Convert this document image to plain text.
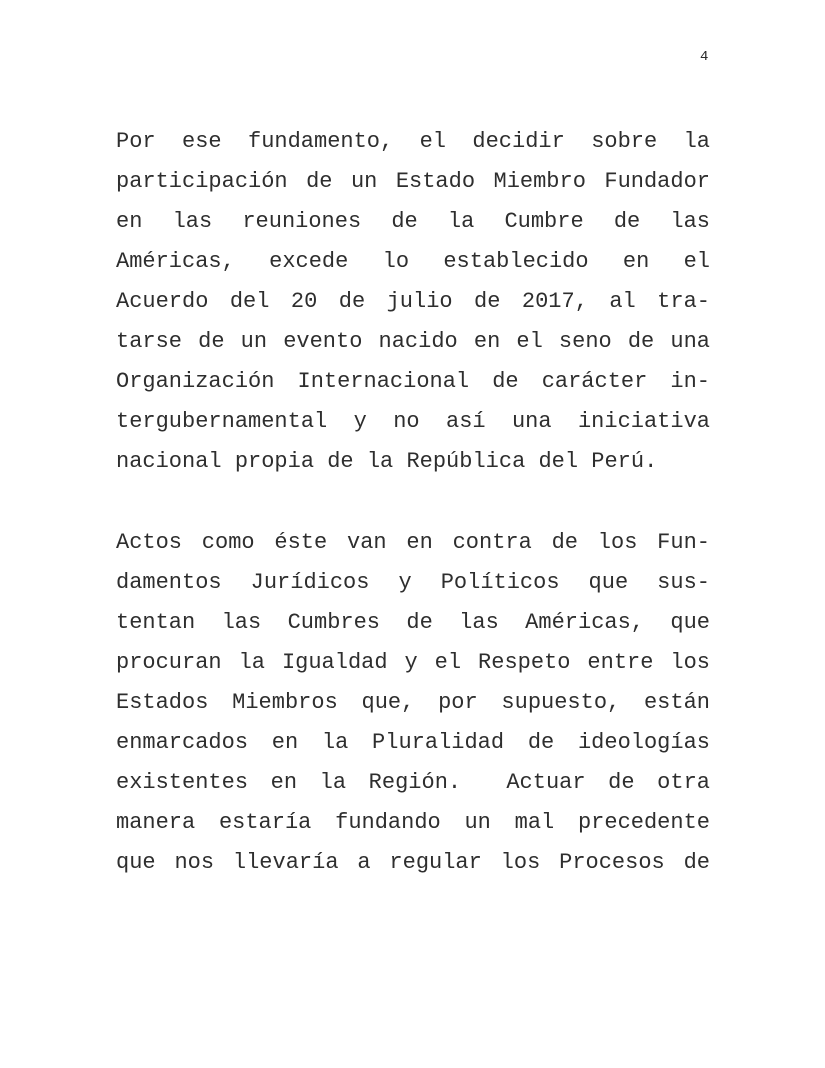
4
Por ese fundamento, el decidir sobre la
participación de un Estado Miembro Fundador
en las reuniones de la Cumbre de las
Américas, excede lo establecido en el
Acuerdo del 20 de julio de 2017, al tra-
tarse de un evento nacido en el seno de una
Organización Internacional de carácter in-
tergubernamental y no así una iniciativa
nacional propia de la República del Perú.
Actos como éste van en contra de los Fun-
damentos Jurídicos y Políticos que sus-
tentan las Cumbres de las Américas, que
procuran la Igualdad y el Respeto entre los
Estados Miembros que, por supuesto, están
enmarcados en la Pluralidad de ideologías
existentes en la Región.  Actuar de otra
manera estaría fundando un mal precedente
que nos llevaría a regular los Procesos de
